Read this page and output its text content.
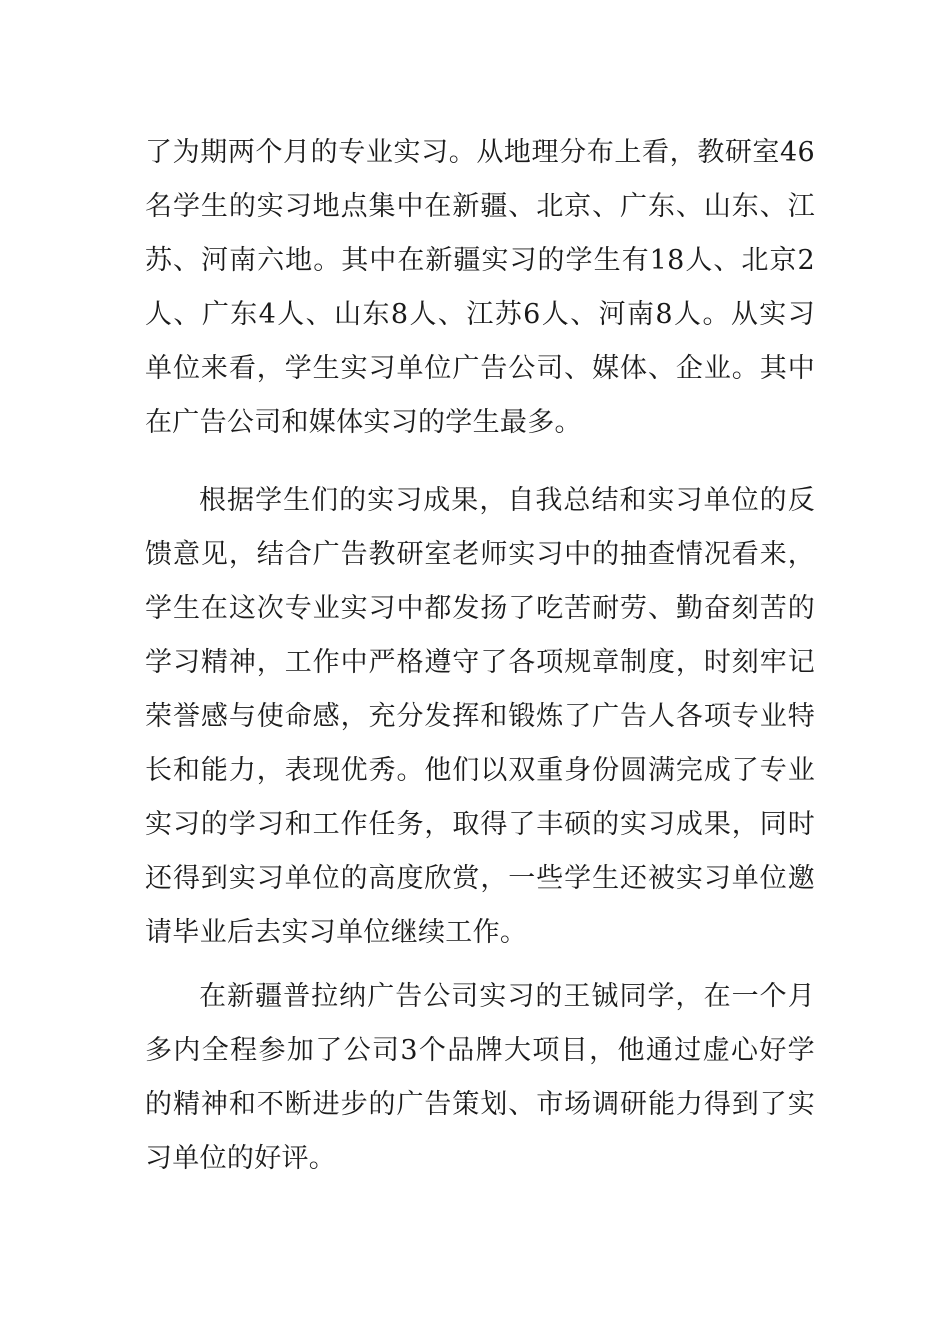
了为期两个月的专业实习。从地理分布上看，教研室46名学生的实习地点集中在新疆、北京、广东、山东、江苏、河南六地。其中在新疆实习的学生有18人、北京2人、广东4人、山东8人、江苏6人、河南8人。从实习单位来看，学生实习单位广告公司、媒体、企业。其中在广告公司和媒体实习的学生最多。

根据学生们的实习成果，自我总结和实习单位的反馈意见，结合广告教研室老师实习中的抽查情况看来，学生在这次专业实习中都发扬了吃苦耐劳、勤奋刻苦的学习精神，工作中严格遵守了各项规章制度，时刻牢记荣誉感与使命感，充分发挥和锻炼了广告人各项专业特长和能力，表现优秀。他们以双重身份圆满完成了专业实习的学习和工作任务，取得了丰硕的实习成果，同时还得到实习单位的高度欣赏，一些学生还被实习单位邀请毕业后去实习单位继续工作。

在新疆普拉纳广告公司实习的王铖同学，在一个月多内全程参加了公司3个品牌大项目，他通过虚心好学的精神和不断进步的广告策划、市场调研能力得到了实习单位的好评。
